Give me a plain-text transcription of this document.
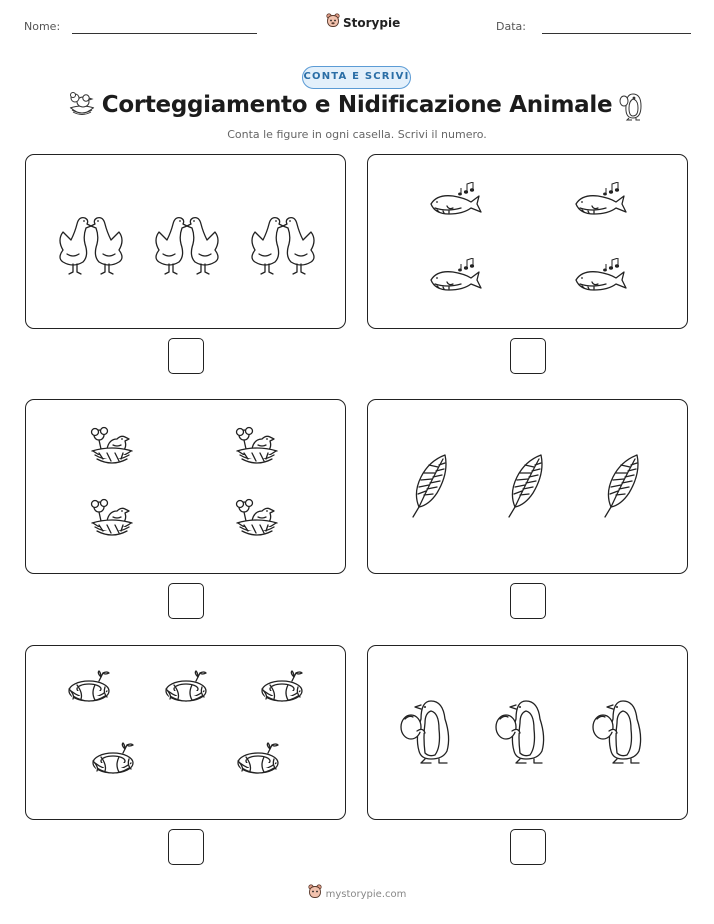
Nome:	Storypie	Data:
CONTA E SCRIVI
Corteggiamento e Nidificazione Animale
Conta le figure in ogni casella. Scrivi il numero.
mystorypie.com
